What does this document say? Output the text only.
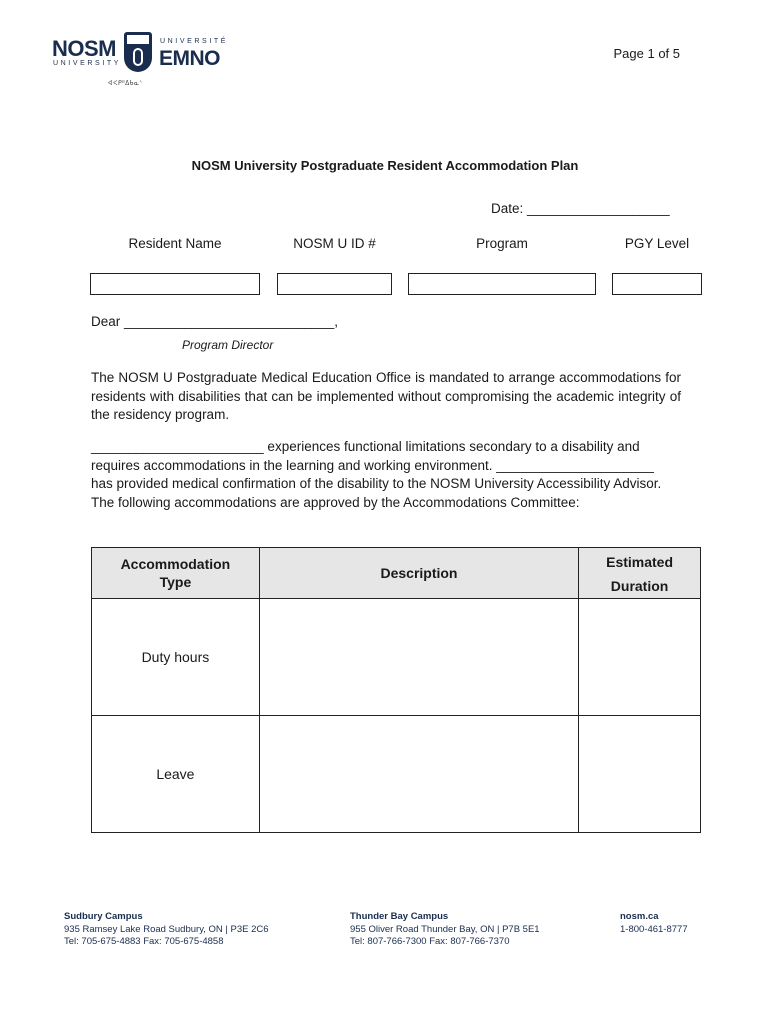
NOSM
UNIVERSITY
UNIVERSITÉ
EMNO
ᐊᐸᑭᐦᐃᑲᓇᐠ
Page 1 of 5
NOSM University Postgraduate Resident Accommodation Plan
Date: ___________________
Resident Name	NOSM U ID #	Program	PGY Level
Dear ____________________________,
Program Director
The NOSM U Postgraduate Medical Education Office is mandated to arrange accommodations for residents with disabilities that can be implemented without compromising the academic integrity of the residency program.
_______________________ experiences functional limitations secondary to a disability and
requires accommodations in the learning and working environment. _____________________
has provided medical confirmation of the disability to the NOSM University Accessibility Advisor.
The following accommodations are approved by the Accommodations Committee:
Accommodation
Type	Description	Estimated
Duration

Duty hours		
Leave		
Sudbury Campus
935 Ramsey Lake Road Sudbury, ON | P3E 2C6
Tel: 705-675-4883 Fax: 705-675-4858
Thunder Bay Campus
955 Oliver Road Thunder Bay, ON | P7B 5E1
Tel: 807-766-7300 Fax: 807-766-7370
nosm.ca
1-800-461-8777
